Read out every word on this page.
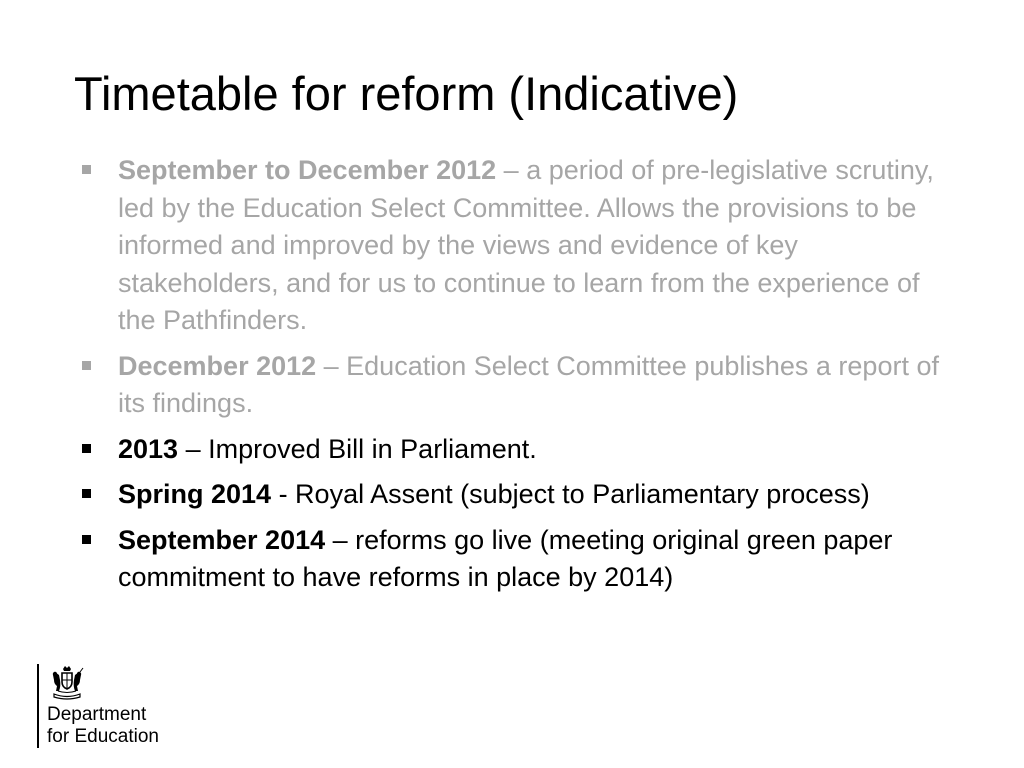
Timetable for reform (Indicative)
September to December 2012 – a period of pre-legislative scrutiny, led by the Education Select Committee. Allows the provisions to be informed and improved by the views and evidence of key stakeholders, and for us to continue to learn from the experience of the Pathfinders.
December 2012 – Education Select Committee publishes a report of its findings.
2013 – Improved Bill in Parliament.
Spring 2014 - Royal Assent (subject to Parliamentary process)
September 2014 – reforms go live (meeting original green paper commitment to have reforms in place by 2014)
Department
for Education
